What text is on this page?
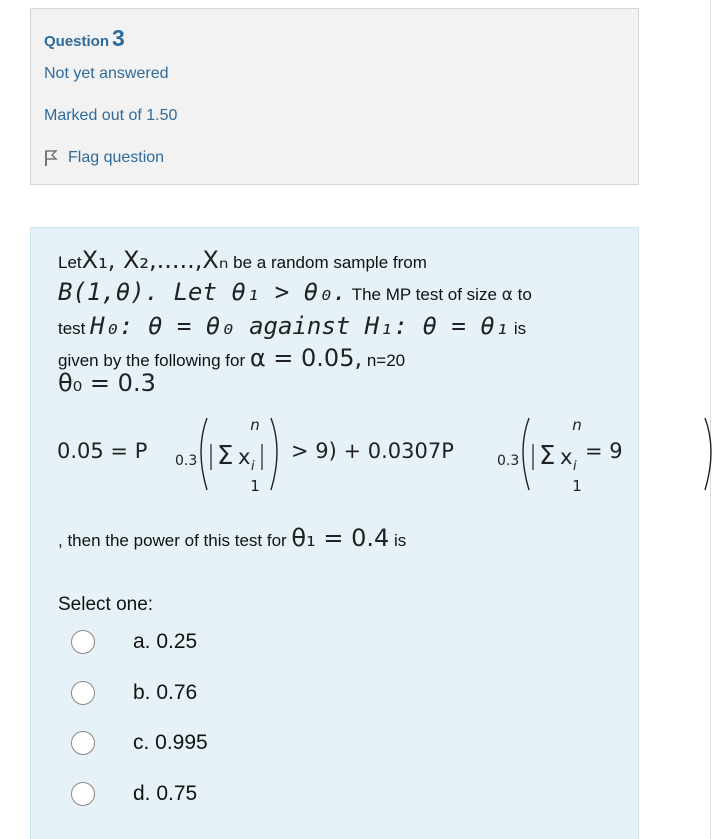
Question 3
Not yet answered
Marked out of 1.50
Flag question
LetX₁, X₂,.....,Xₙ be a random sample from
B(1,θ). Let θ₁ > θ₀. The MP test of size α to
test H₀: θ = θ₀ against H₁: θ = θ₁ is
given by the following for α = 0.05, n=20
θ₀ = 0.3
0.05 = P 0.3
n
Σ x i
1
> 9) + 0.0307P	0.3
n
Σ x i
1
= 9
, then the power of this test for θ₁ = 0.4 is
Select one:
a. 0.25
b. 0.76
c. 0.995
d. 0.75
